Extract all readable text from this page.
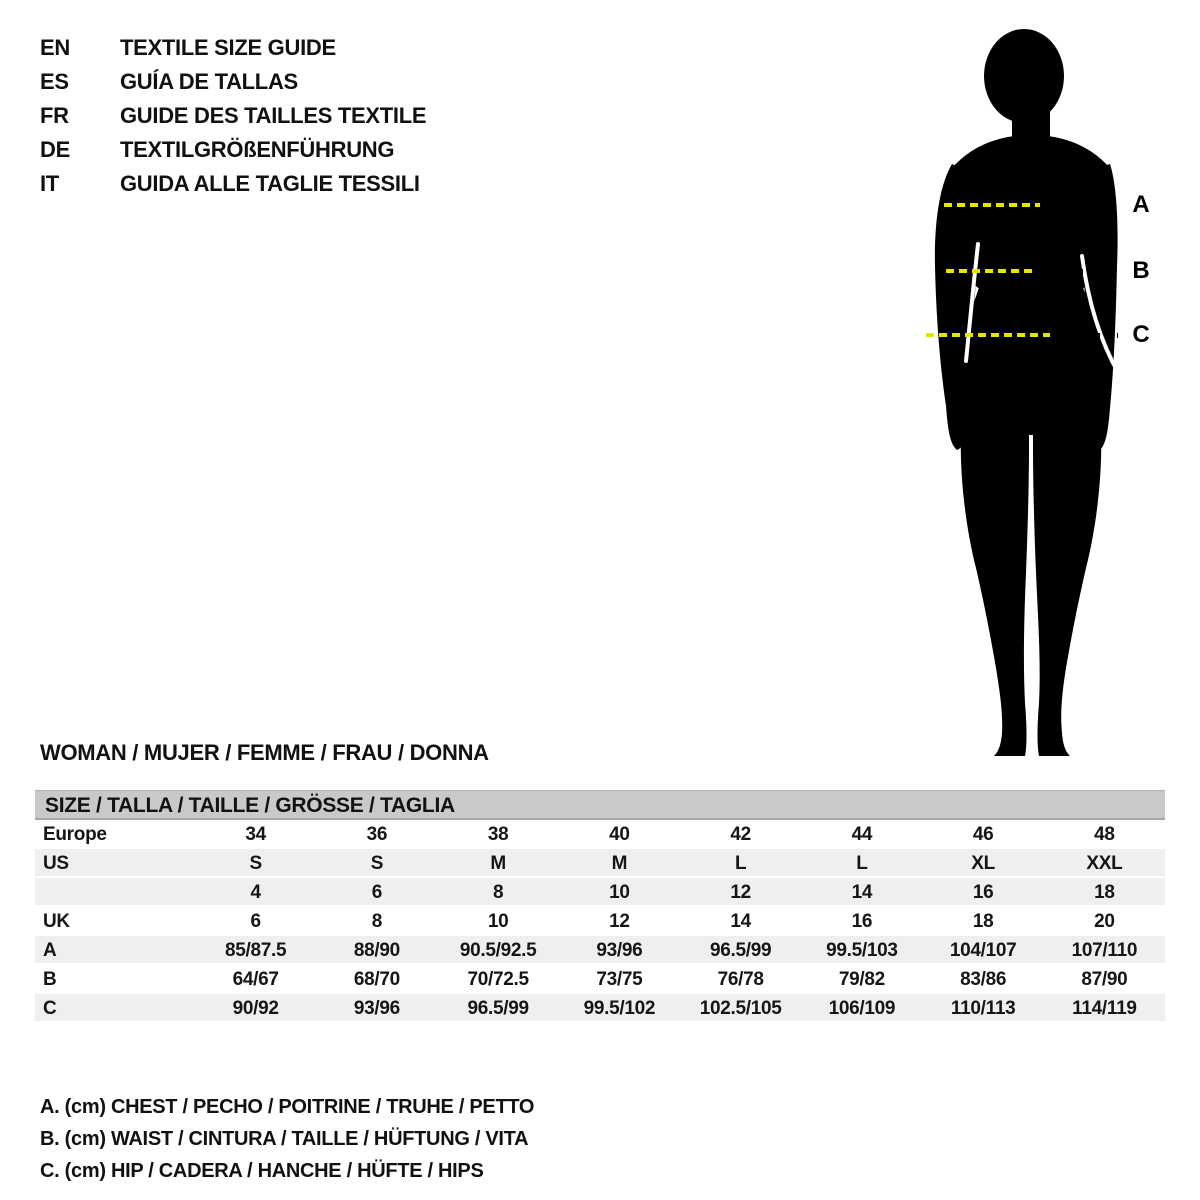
EN	TEXTILE SIZE GUIDE
ES	GUÍA DE TALLAS
FR	GUIDE DES TAILLES TEXTILE
DE	TEXTILGRÖßENFÜHRUNG
IT	GUIDA ALLE TAGLIE TESSILI
A
B
C
WOMAN / MUJER / FEMME / FRAU / DONNA
SIZE / TALLA / TAILLE / GRÖSSE / TAGLIA
Europe	34	36	38	40	42	44	46	48
US	S	S	M	M	L	L	XL	XXL
	4	6	8	10	12	14	16	18
UK	6	8	10	12	14	16	18	20
A	85/87.5	88/90	90.5/92.5	93/96	96.5/99	99.5/103	104/107	107/110
B	64/67	68/70	70/72.5	73/75	76/78	79/82	83/86	87/90
C	90/92	93/96	96.5/99	99.5/102	102.5/105	106/109	110/113	114/119
A. (cm) CHEST / PECHO / POITRINE / TRUHE / PETTO
B. (cm) WAIST / CINTURA / TAILLE / HÜFTUNG / VITA
C. (cm) HIP / CADERA / HANCHE / HÜFTE / HIPS
